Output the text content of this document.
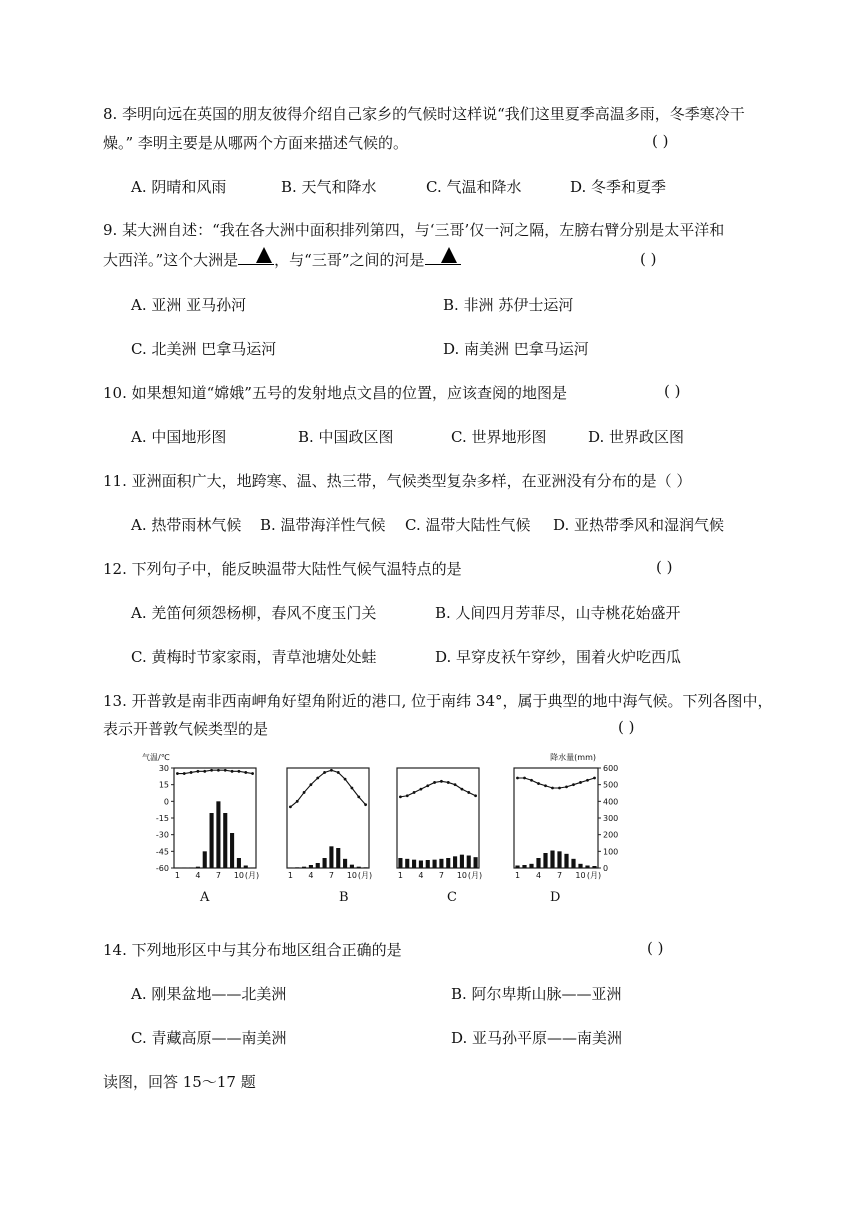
8. 李明向远在英国的朋友彼得介绍自己家乡的气候时这样说“我们这里夏季高温多雨，冬季寒冷干
燥。” 李明主要是从哪两个方面来描述气候的。	( )
A. 阴晴和风雨	B. 天气和降水	C. 气温和降水	D. 冬季和夏季
9. 某大洲自述：“我在各大洲中面积排列第四，与‘三哥’仅一河之隔，左膀右臂分别是太平洋和
大西洋。”这个大洲是 ，与“三哥”之间的河是	( )
A. 亚洲 亚马孙河	B. 非洲 苏伊士运河
C. 北美洲 巴拿马运河	D. 南美洲 巴拿马运河
10. 如果想知道“嫦娥”五号的发射地点文昌的位置，应该查阅的地图是	( )
A. 中国地形图	B. 中国政区图	C. 世界地形图	D. 世界政区图
11. 亚洲面积广大，地跨寒、温、热三带，气候类型复杂多样，在亚洲没有分布的是（ ）
A. 热带雨林气候 B. 温带海洋性气候 C. 温带大陆性气候 D. 亚热带季风和湿润气候
12. 下列句子中，能反映温带大陆性气候气温特点的是	( )
A. 羌笛何须怨杨柳，春风不度玉门关	B. 人间四月芳菲尽，山寺桃花始盛开
C. 黄梅时节家家雨，青草池塘处处蛙	D. 早穿皮袄午穿纱，围着火炉吃西瓜
13. 开普敦是南非西南岬角好望角附近的港口, 位于南纬 34°，属于典型的地中海气候。下列各图中，
表示开普敦气候类型的是	( )
30
15
0
-15
-30
-45
-60
气温/℃
1 4 7 10 (月)	1 4 7 10 (月)	1 4 7 10 (月)
600
500
400
300
200
100
0
降水量(mm)
1 4 7 10 (月)
A	B	C	D
14. 下列地形区中与其分布地区组合正确的是	( )
A. 刚果盆地——北美洲	B. 阿尔卑斯山脉——亚洲
C. 青藏高原——南美洲	D. 亚马孙平原——南美洲
读图，回答 15～17 题
